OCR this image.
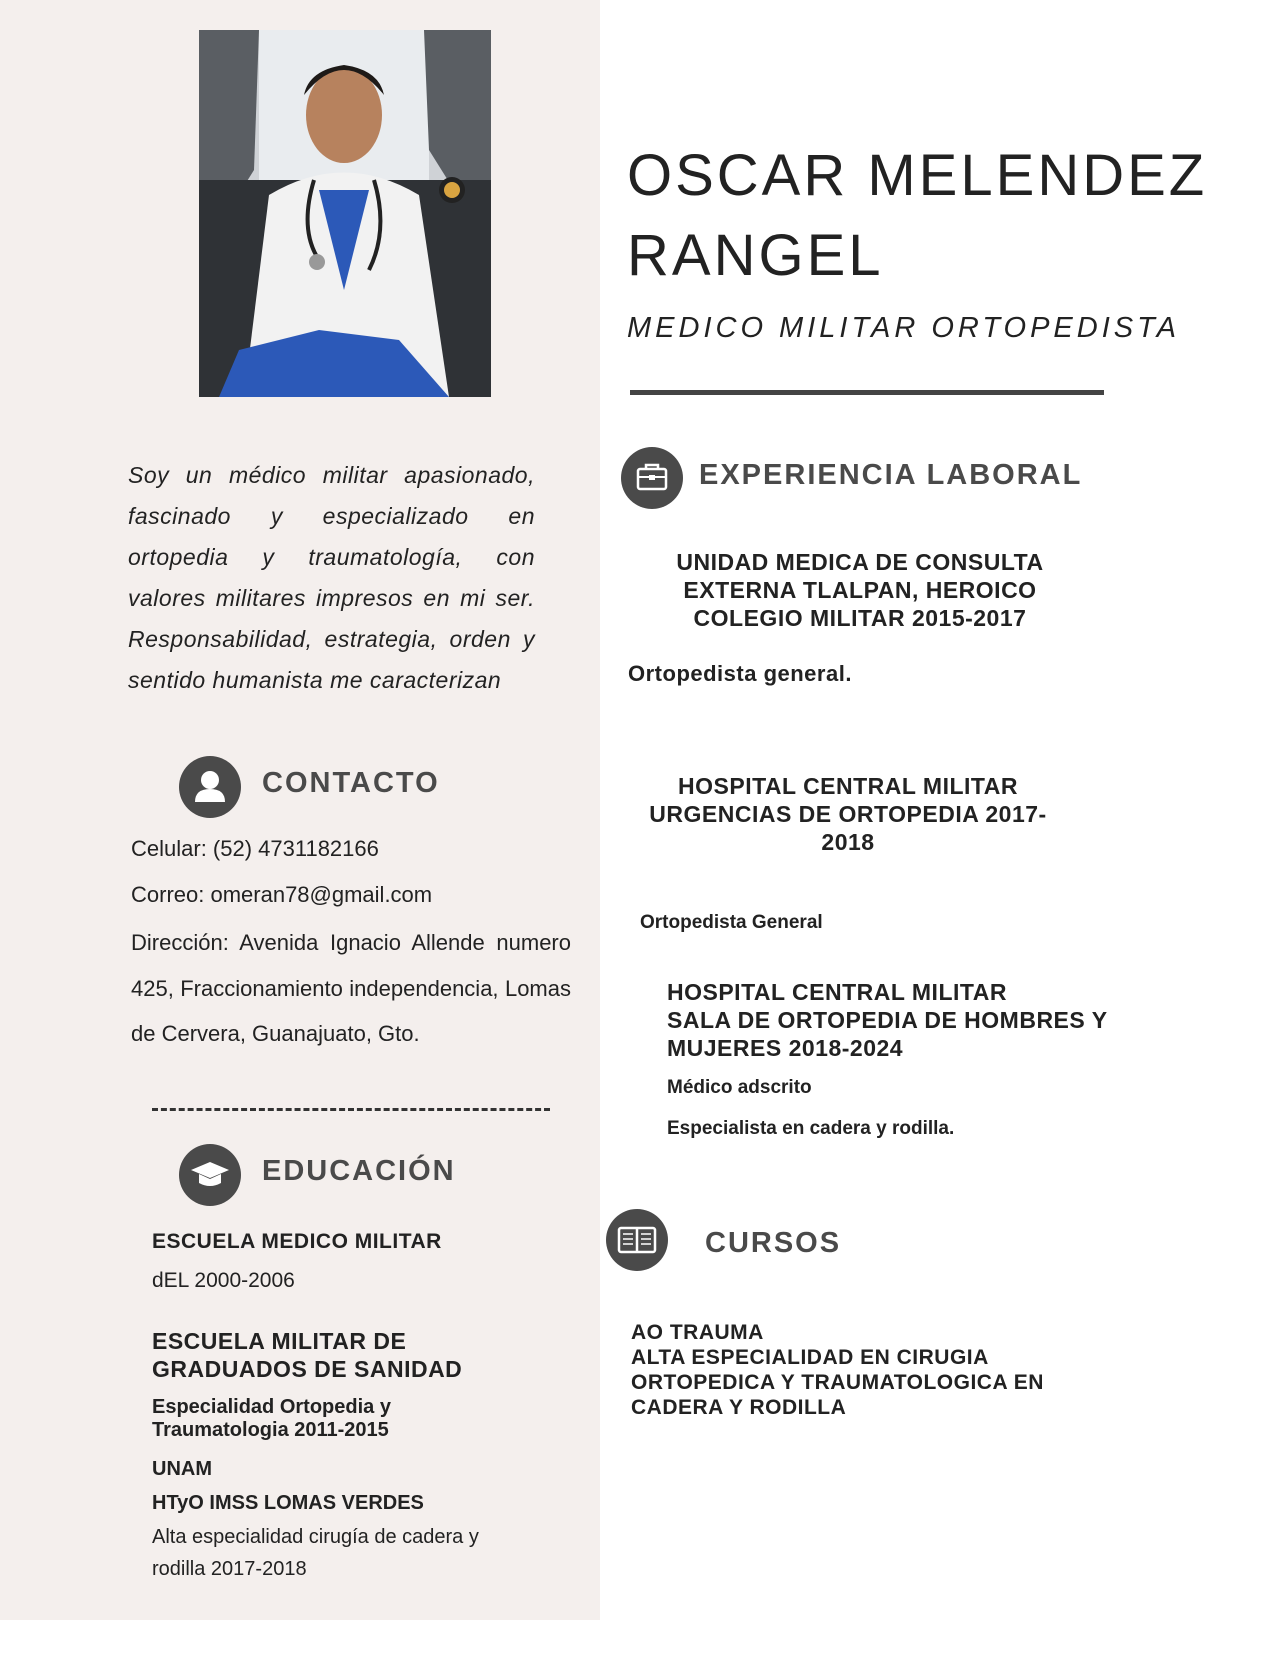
Soy un médico militar apasionado, fascinado y especializado en ortopedia y traumatología, con valores militares impresos en mi ser. Responsabilidad, estrategia, orden y sentido humanista me caracterizan
CONTACTO
Celular: (52) 4731182166
Correo: omeran78@gmail.com
Dirección: Avenida Ignacio Allende numero 425, Fraccionamiento independencia, Lomas de Cervera, Guanajuato, Gto.
EDUCACIÓN
ESCUELA MEDICO MILITAR
dEL 2000-2006
ESCUELA MILITAR DE
GRADUADOS DE SANIDAD
Especialidad Ortopedia y
Traumatologia 2011-2015
UNAM
HTyO IMSS LOMAS VERDES
Alta especialidad cirugía de cadera y
rodilla 2017-2018
OSCAR MELENDEZ
RANGEL
MEDICO MILITAR ORTOPEDISTA
EXPERIENCIA LABORAL
UNIDAD MEDICA DE CONSULTA
EXTERNA TLALPAN, HEROICO
COLEGIO MILITAR 2015-2017
Ortopedista general.
HOSPITAL CENTRAL MILITAR
URGENCIAS DE ORTOPEDIA 2017-
2018
Ortopedista General
HOSPITAL CENTRAL MILITAR
SALA DE ORTOPEDIA DE HOMBRES Y
MUJERES 2018-2024
Médico adscrito
Especialista en cadera y rodilla.
CURSOS
AO TRAUMA
ALTA ESPECIALIDAD EN CIRUGIA
ORTOPEDICA Y TRAUMATOLOGICA EN
CADERA Y RODILLA
